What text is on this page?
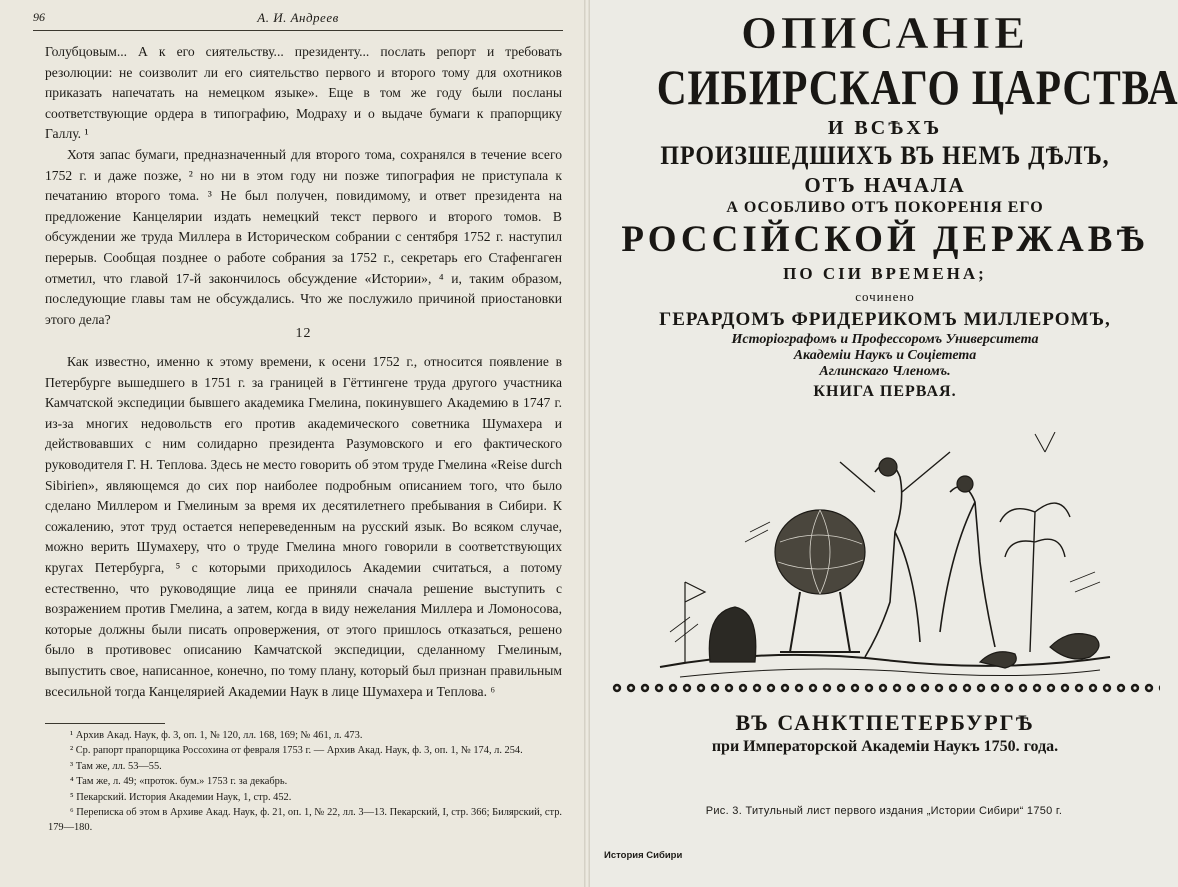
96	А. И. Андреев

Голубцовым... А к его сиятельству... президенту... послать репорт и требовать резолюции: не соизволит ли его сиятельство первого и второго тому для охотников приказать напечатать на немецком языке». Еще в том же году были посланы соответствующие ордера в типографию, Модраху и о выдаче бумаги к прапорщику Галлу. ¹

Хотя запас бумаги, предназначенный для второго тома, сохранялся в течение всего 1752 г. и даже позже, ² но ни в этом году ни позже типография не приступала к печатанию второго тома. ³ Не был получен, повидимому, и ответ президента на предложение Канцелярии издать немецкий текст первого и второго томов. В обсуждении же труда Миллера в Историческом собрании с сентября 1752 г. наступил перерыв. Сообщая позднее о работе собрания за 1752 г., секретарь его Стафенгаген отметил, что главой 17-й закончилось обсуждение «Истории», ⁴ и, таким образом, последующие главы там не обсуждались. Что же послужило причиной приостановки этого дела?

12

Как известно, именно к этому времени, к осени 1752 г., относится появление в Петербурге вышедшего в 1751 г. за границей в Гёттингене труда другого участника Камчатской экспедиции бывшего академика Гмелина, покинувшего Академию в 1747 г. из-за многих недовольств его против академического советника Шумахера и действовавших с ним солидарно президента Разумовского и его фактического руководителя Г. Н. Теплова. Здесь не место говорить об этом труде Гмелина «Reise durch Sibirien», являющемся до сих пор наиболее подробным описанием того, что было сделано Миллером и Гмелиным за время их десятилетнего пребывания в Сибири. К сожалению, этот труд остается непереведенным на русский язык. Во всяком случае, можно верить Шумахеру, что о труде Гмелина много говорили в соответствующих кругах Петербурга, ⁵ с которыми приходилось Академии считаться, а потому естественно, что руководящие лица ее приняли сначала решение выступить с возражением против Гмелина, а затем, когда в виду нежелания Миллера и Ломоносова, которые должны были писать опровержения, от этого пришлось отказаться, решено было в противовес описанию Камчатской экспедиции, сделанному Гмелиным, выпустить свое, написанное, конечно, по тому плану, который был признан правильным всесильной тогда Канцелярией Академии Наук в лице Шумахера и Теплова. ⁶

¹ Архив Акад. Наук, ф. 3, оп. 1, № 120, лл. 168, 169; № 461, л. 473.

² Ср. рапорт прапорщика Россохина от февраля 1753 г. — Архив Акад. Наук, ф. 3, оп. 1, № 174, л. 254.

³ Там же, лл. 53—55.

⁴ Там же, л. 49; «проток. бум.» 1753 г. за декабрь.

⁵ Пекарский. История Академии Наук, 1, стр. 452.

⁶ Переписка об этом в Архиве Акад. Наук, ф. 21, оп. 1, № 22, лл. 3—13. Пекарский, I, стр. 366; Билярский, стр. 179—180.

ОПИСАНІЕ
СИБИРСКАГО ЦАРСТВА
И ВСѢХЪ
ПРОИЗШЕДШИХЪ ВЪ НЕМЪ ДѢЛЪ,
ОТЪ НАЧАЛА
А ОСОБЛИВО ОТЪ ПОКОРЕНІЯ ЕГО
РОССІЙСКОЙ ДЕРЖАВѢ
ПО СІИ ВРЕМЕНА;
сочинено
ГЕРАРДОМЪ ФРИДЕРИКОМЪ МИЛЛЕРОМЪ,
Исторіографомъ и Профессоромъ Университета
Академіи Наукъ и Соціетета
Аглинскаго Членомъ.
КНИГА ПЕРВАЯ.
ВЪ САНКТПЕТЕРБУРГѢ
при Императорской Академіи Наукъ 1750. года.
Рис. 3. Титульный лист первого издания „Истории Сибири“ 1750 г.
История Сибири
